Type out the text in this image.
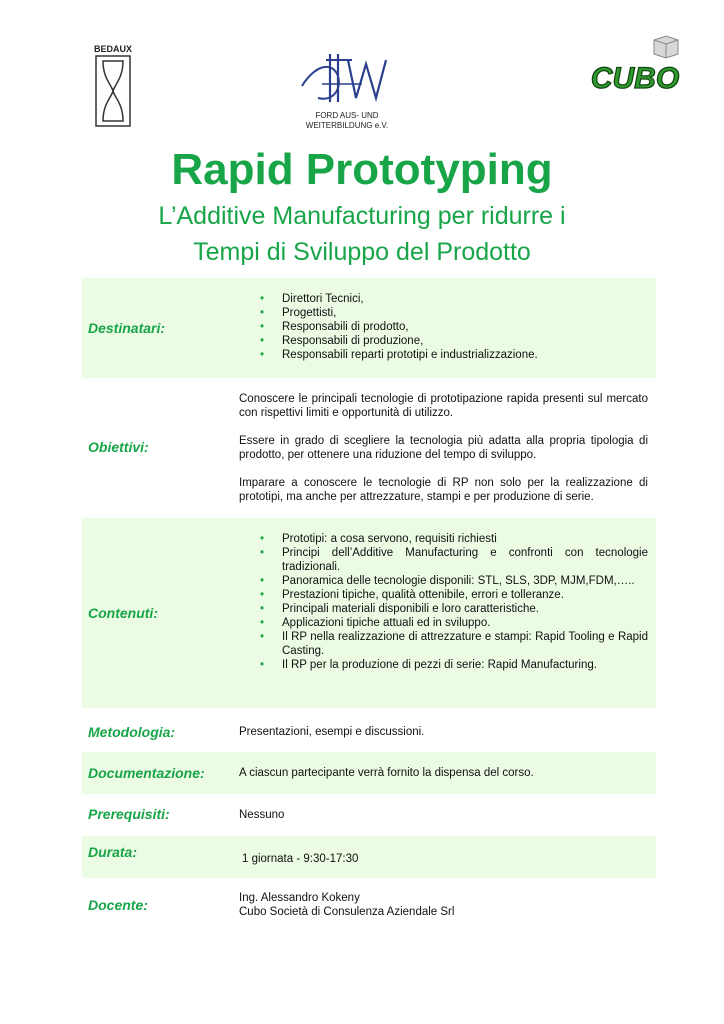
BEDAUX
FORD AUS- UND
WEITERBILDUNG e.V.
CUBO
Rapid Prototyping

L’Additive Manufacturing per ridurre i

Tempi di Sviluppo del Prodotto

Destinatari:
• Direttori Tecnici,
• Progettisti,
• Responsabili di prodotto,
• Responsabili di produzione,
• Responsabili reparti prototipi e industrializzazione.
Obiettivi:

Conoscere le principali tecnologie di prototipazione rapida presenti sul mercato con rispettivi limiti e opportunità di utilizzo.

Essere in grado di scegliere la tecnologia più adatta alla propria tipologia di prodotto, per ottenere una riduzione del tempo di sviluppo.

Imparare a conoscere le tecnologie di RP non solo per la realizzazione di prototipi, ma anche per attrezzature, stampi e per produzione di serie.

Contenuti:
• Prototipi: a cosa servono, requisiti richiesti
• Principi dell’Additive Manufacturing e confronti con tecnologie tradizionali.
• Panoramica delle tecnologie disponili: STL, SLS, 3DP, MJM,FDM,…..
• Prestazioni tipiche, qualità ottenibile, errori e tolleranze.
• Principali materiali disponibili e loro caratteristiche.
• Applicazioni tipiche attuali ed in sviluppo.
• Il RP nella realizzazione di attrezzature e stampi: Rapid Tooling e Rapid Casting.
• Il RP per la produzione di pezzi di serie: Rapid Manufacturing.
Metodologia:	Presentazioni, esempi e discussioni.
Documentazione:	A ciascun partecipante verrà fornito la dispensa del corso.
Prerequisiti:	Nessuno
Durata:	1 giornata - 9:30-17:30
Docente:	Ing. Alessandro Kokeny

Cubo Società di Consulenza Aziendale Srl
